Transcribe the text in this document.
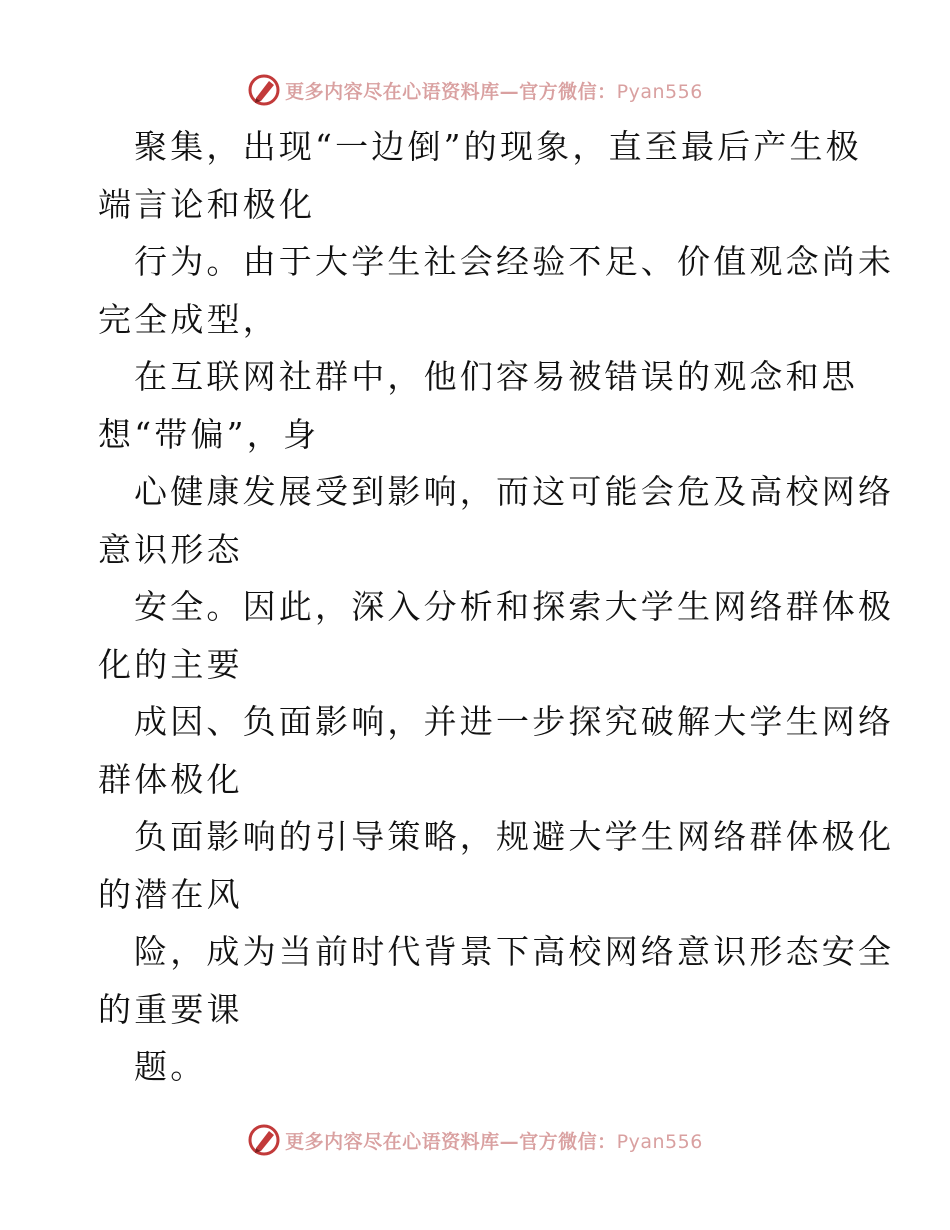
更多内容尽在心语资料库—官方微信：Pyan556

聚集，出现“一边倒”的现象，直至最后产生极
端言论和极化

行为。由于大学生社会经验不足、价值观念尚未
完全成型，

在互联网社群中，他们容易被错误的观念和思
想“带偏”，身

心健康发展受到影响，而这可能会危及高校网络
意识形态

安全。因此，深入分析和探索大学生网络群体极
化的主要

成因、负面影响，并进一步探究破解大学生网络
群体极化

负面影响的引导策略，规避大学生网络群体极化
的潜在风

险，成为当前时代背景下高校网络意识形态安全
的重要课

题。

更多内容尽在心语资料库—官方微信：Pyan556
